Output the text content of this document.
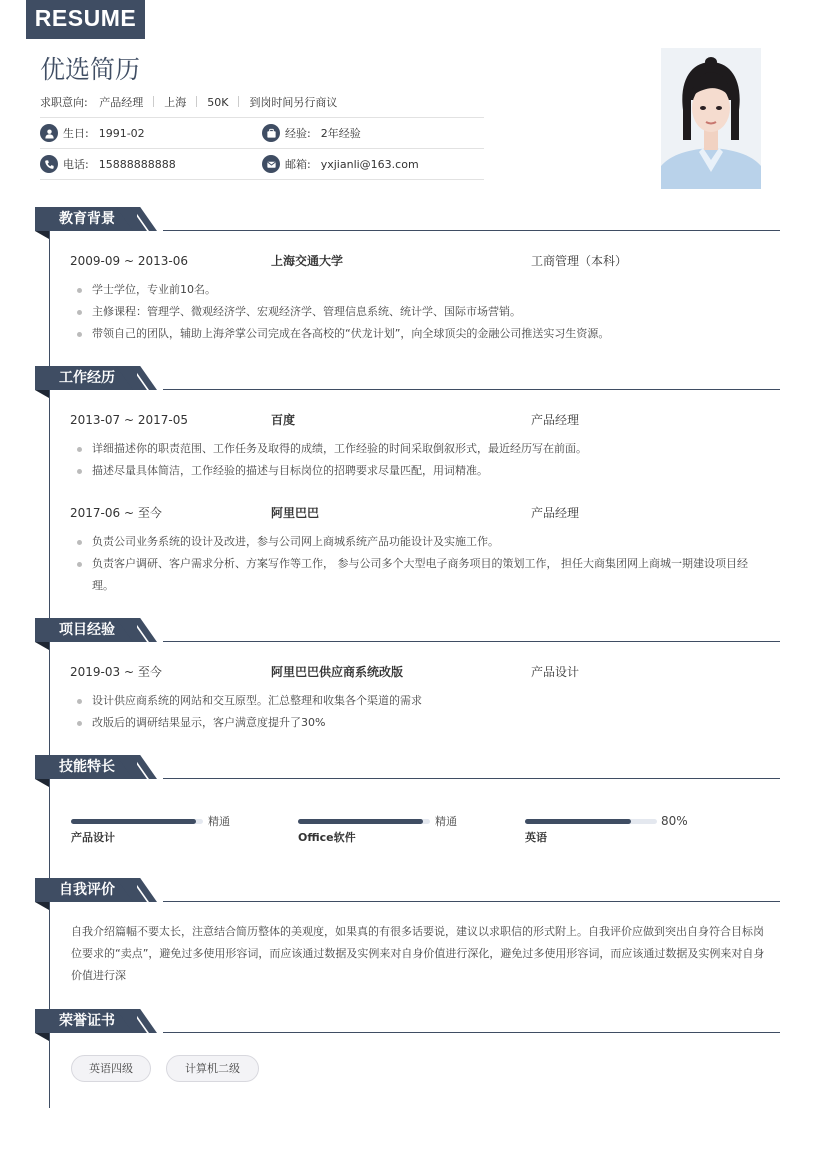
RESUME
优选简历
求职意向: 产品经理 上海 50K 到岗时间另行商议
生日: 1991-02	经验: 2年经验
电话: 15888888888	邮箱: yxjianli@163.com
教育背景
2009-09 ~ 2013-06	上海交通大学	工商管理（本科）
学士学位，专业前10名。
主修课程：管理学、微观经济学、宏观经济学、管理信息系统、统计学、国际市场营销。
带领自己的团队，辅助上海斧掌公司完成在各高校的“伏龙计划”，向全球顶尖的金融公司推送实习生资源。
工作经历
2013-07 ~ 2017-05	百度	产品经理
详细描述你的职责范围、工作任务及取得的成绩，工作经验的时间采取倒叙形式，最近经历写在前面。
描述尽量具体简洁，工作经验的描述与目标岗位的招聘要求尽量匹配，用词精准。
2017-06 ~ 至今	阿里巴巴	产品经理
负责公司业务系统的设计及改进，参与公司网上商城系统产品功能设计及实施工作。
负责客户调研、客户需求分析、方案写作等工作， 参与公司多个大型电子商务项目的策划工作， 担任大商集团网上商城一期建设项目经理。
项目经验
2019-03 ~ 至今	阿里巴巴供应商系统改版	产品设计
设计供应商系统的网站和交互原型。汇总整理和收集各个渠道的需求
改版后的调研结果显示，客户满意度提升了30%
技能特长
精通
产品设计
精通
Office软件
80%
英语
自我评价
自我介绍篇幅不要太长，注意结合简历整体的美观度，如果真的有很多话要说，建议以求职信的形式附上。自我评价应做到突出自身符合目标岗位要求的“卖点”，避免过多使用形容词，而应该通过数据及实例来对自身价值进行深化，避免过多使用形容词，而应该通过数据及实例来对自身价值进行深
荣誉证书
英语四级	计算机二级
